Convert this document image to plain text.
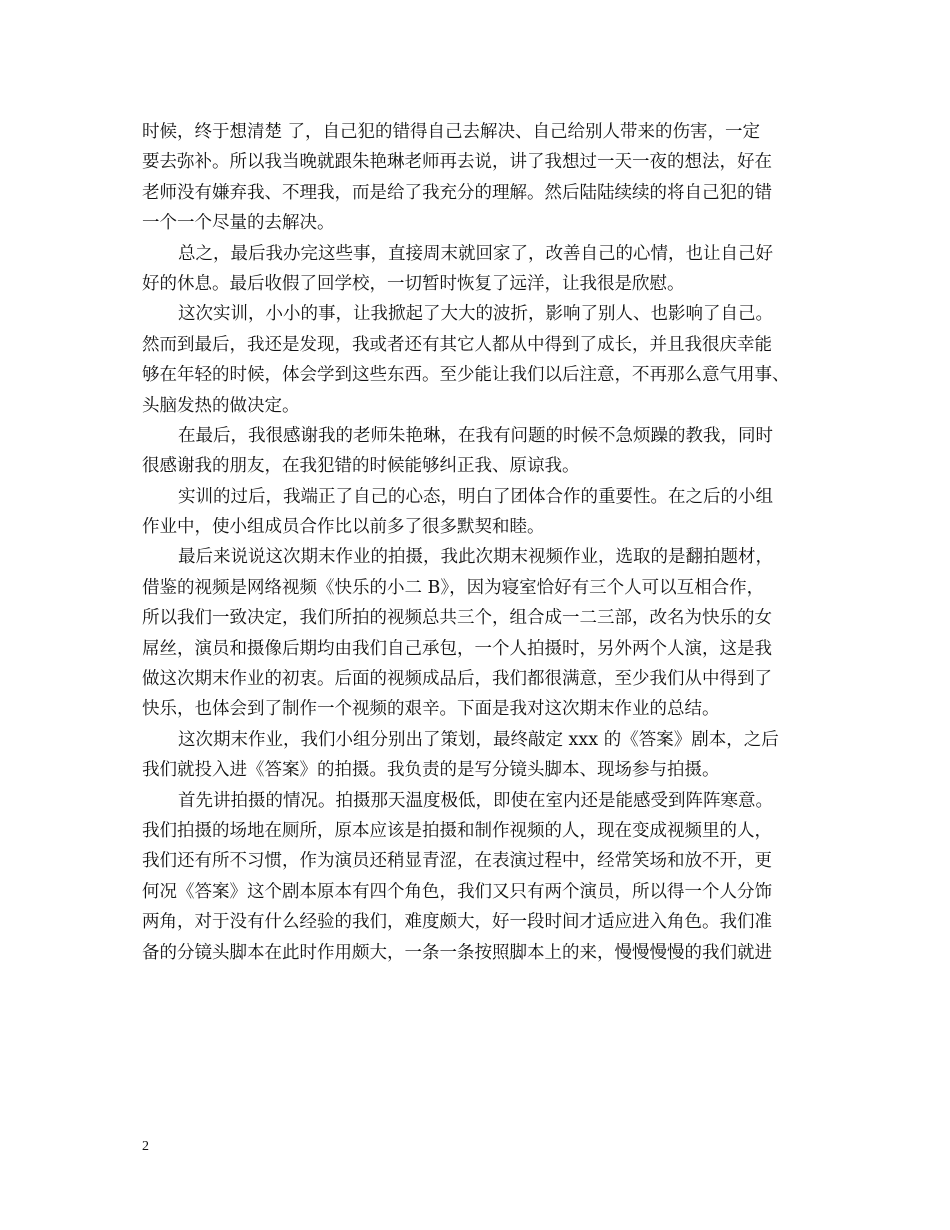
时候，终于想清楚 了，自己犯的错得自己去解决、自己给别人带来的伤害，一定
要去弥补。所以我当晚就跟朱艳琳老师再去说，讲了我想过一天一夜的想法，好在
老师没有嫌弃我、不理我，而是给了我充分的理解。然后陆陆续续的将自己犯的错
一个一个尽量的去解决。
总之，最后我办完这些事，直接周末就回家了，改善自己的心情，也让自己好
好的休息。最后收假了回学校，一切暂时恢复了远洋，让我很是欣慰。
这次实训，小小的事，让我掀起了大大的波折，影响了别人、也影响了自己。
然而到最后，我还是发现，我或者还有其它人都从中得到了成长，并且我很庆幸能
够在年轻的时候，体会学到这些东西。至少能让我们以后注意，不再那么意气用事、
头脑发热的做决定。
在最后，我很感谢我的老师朱艳琳，在我有问题的时候不急烦躁的教我，同时
很感谢我的朋友，在我犯错的时候能够纠正我、原谅我。
实训的过后，我端正了自己的心态，明白了团体合作的重要性。在之后的小组
作业中，使小组成员合作比以前多了很多默契和睦。
最后来说说这次期末作业的拍摄，我此次期末视频作业，选取的是翻拍题材，
借鉴的视频是网络视频《快乐的小二 B》，因为寝室恰好有三个人可以互相合作，
所以我们一致决定，我们所拍的视频总共三个，组合成一二三部，改名为快乐的女
屌丝，演员和摄像后期均由我们自己承包，一个人拍摄时，另外两个人演，这是我
做这次期末作业的初衷。后面的视频成品后，我们都很满意，至少我们从中得到了
快乐，也体会到了制作一个视频的艰辛。下面是我对这次期末作业的总结。
这次期末作业，我们小组分别出了策划，最终敲定 xxx 的《答案》剧本，之后
我们就投入进《答案》的拍摄。我负责的是写分镜头脚本、现场参与拍摄。
首先讲拍摄的情况。拍摄那天温度极低，即使在室内还是能感受到阵阵寒意。
我们拍摄的场地在厕所，原本应该是拍摄和制作视频的人，现在变成视频里的人，
我们还有所不习惯，作为演员还稍显青涩，在表演过程中，经常笑场和放不开，更
何况《答案》这个剧本原本有四个角色，我们又只有两个演员，所以得一个人分饰
两角，对于没有什么经验的我们，难度颇大，好一段时间才适应进入角色。我们准
备的分镜头脚本在此时作用颇大，一条一条按照脚本上的来，慢慢慢慢的我们就进
2
